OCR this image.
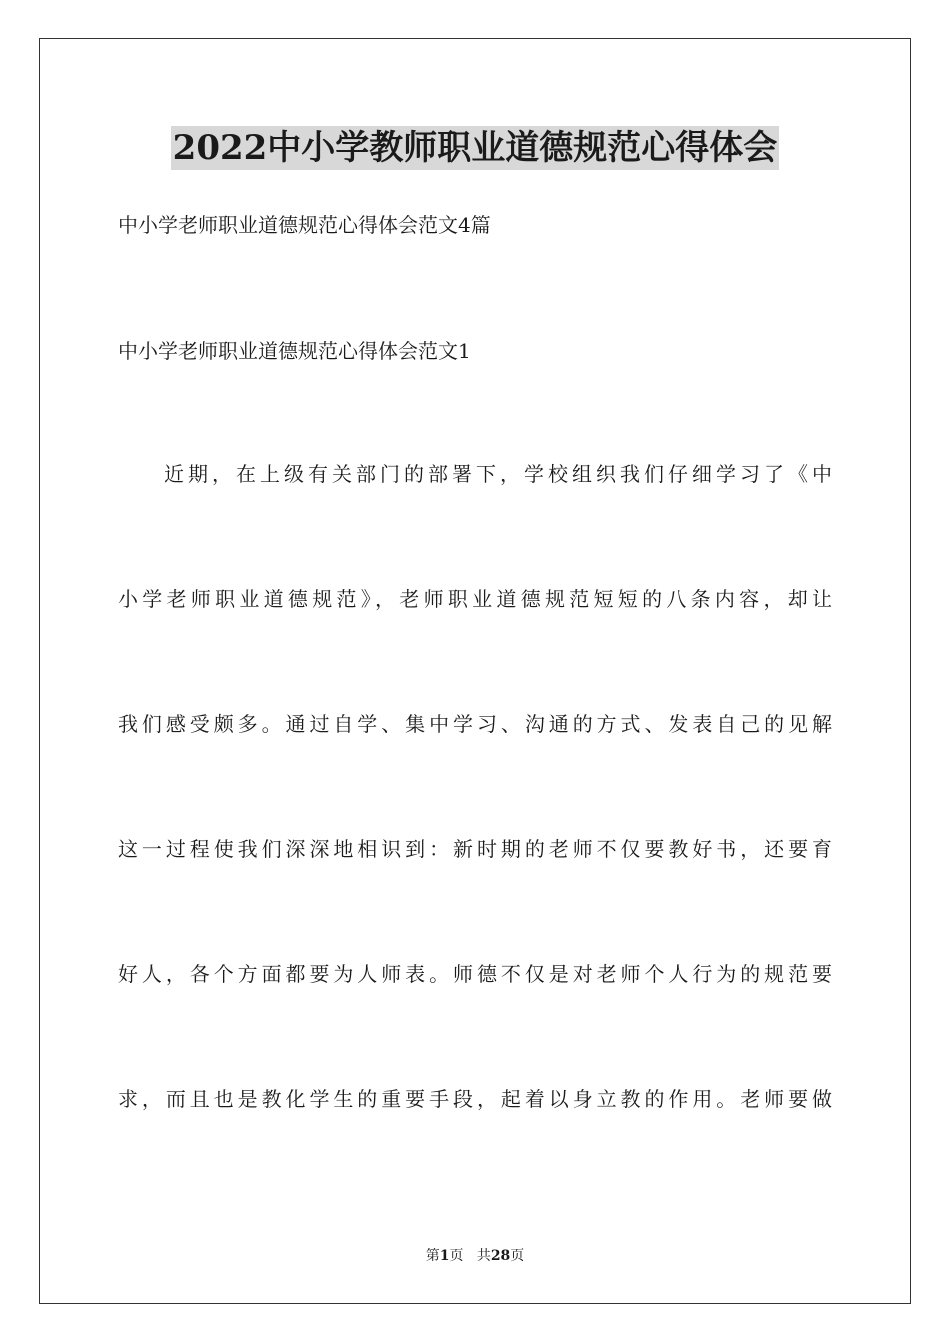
2022中小学教师职业道德规范心得体会
中小学老师职业道德规范心得体会范文4篇
中小学老师职业道德规范心得体会范文1
近期，在上级有关部门的部署下，学校组织我们仔细学习了《中
小学老师职业道德规范》，老师职业道德规范短短的八条内容，却让
我们感受颇多。通过自学、集中学习、沟通的方式、发表自己的见解
这一过程使我们深深地相识到：新时期的老师不仅要教好书，还要育
好人，各个方面都要为人师表。师德不仅是对老师个人行为的规范要
求，而且也是教化学生的重要手段，起着以身立教的作用。老师要做
第1页 共28页
